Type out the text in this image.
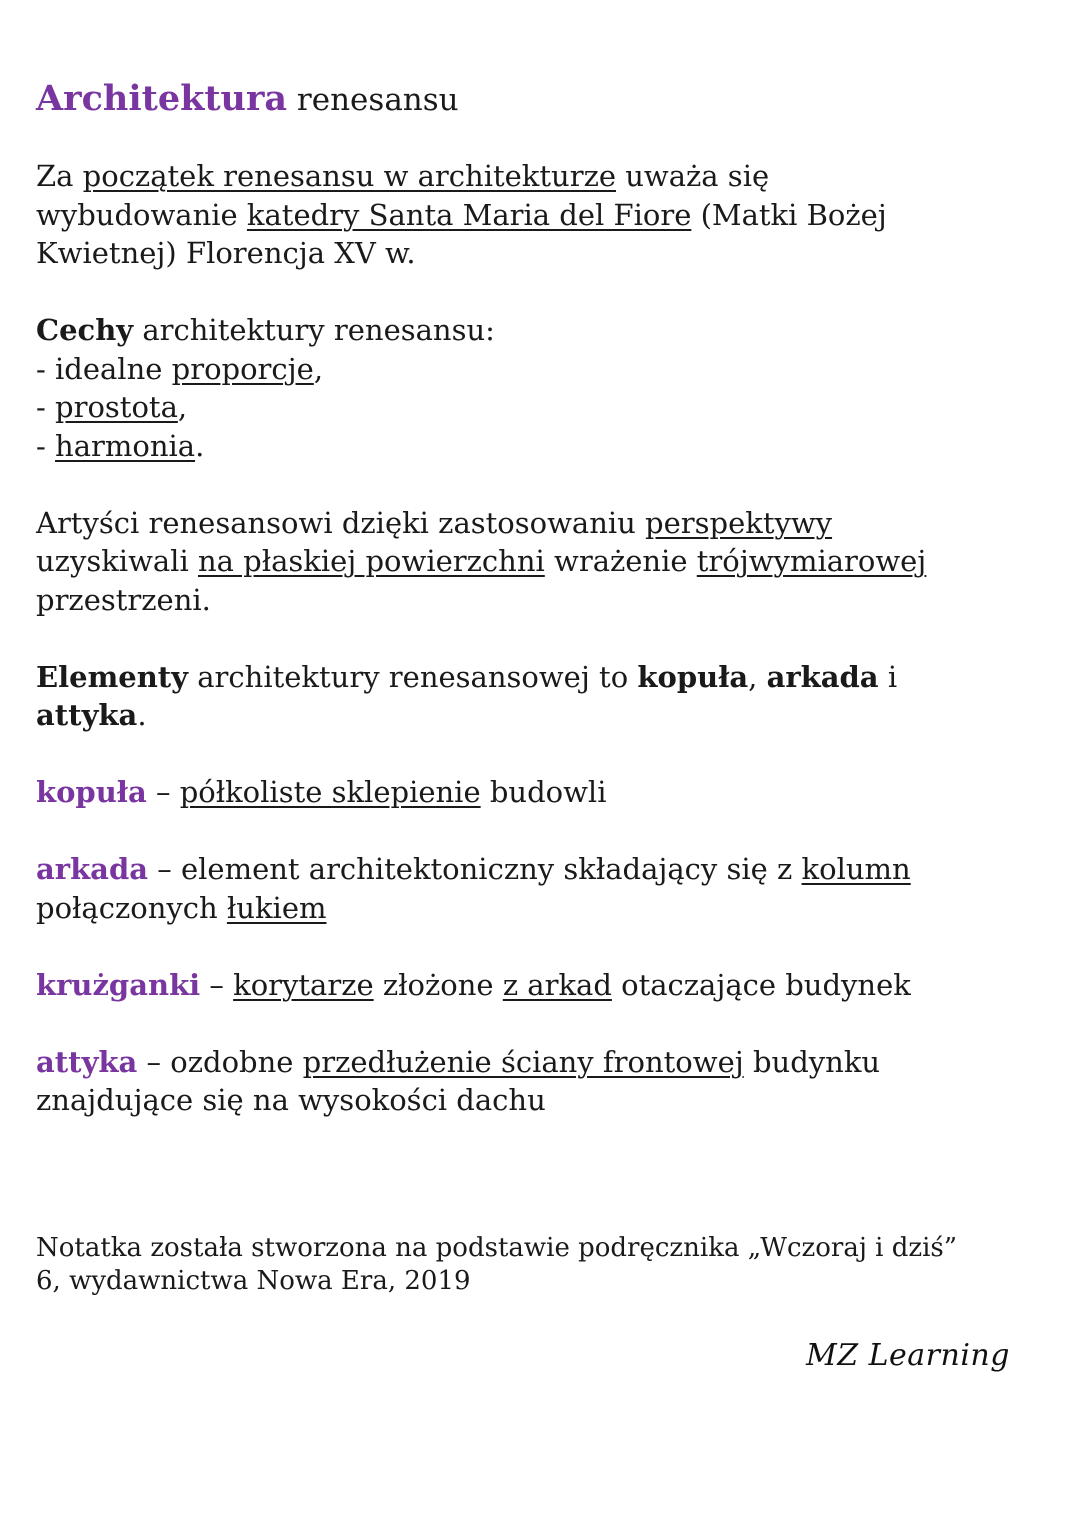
Architektura renesansu

Za początek renesansu w architekturze uważa się

wybudowanie katedry Santa Maria del Fiore (Matki Bożej

Kwietnej) Florencja XV w.

Cechy architektury renesansu:

- idealne proporcje,

- prostota,

- harmonia.

Artyści renesansowi dzięki zastosowaniu perspektywy

uzyskiwali na płaskiej powierzchni wrażenie trójwymiarowej

przestrzeni.

Elementy architektury renesansowej to kopuła, arkada i

attyka.

kopuła – półkoliste sklepienie budowli

arkada – element architektoniczny składający się z kolumn

połączonych łukiem

krużganki – korytarze złożone z arkad otaczające budynek

attyka – ozdobne przedłużenie ściany frontowej budynku

znajdujące się na wysokości dachu

Notatka została stworzona na podstawie podręcznika „Wczoraj i dziś”
6, wydawnictwa Nowa Era, 2019
MZ Learning
